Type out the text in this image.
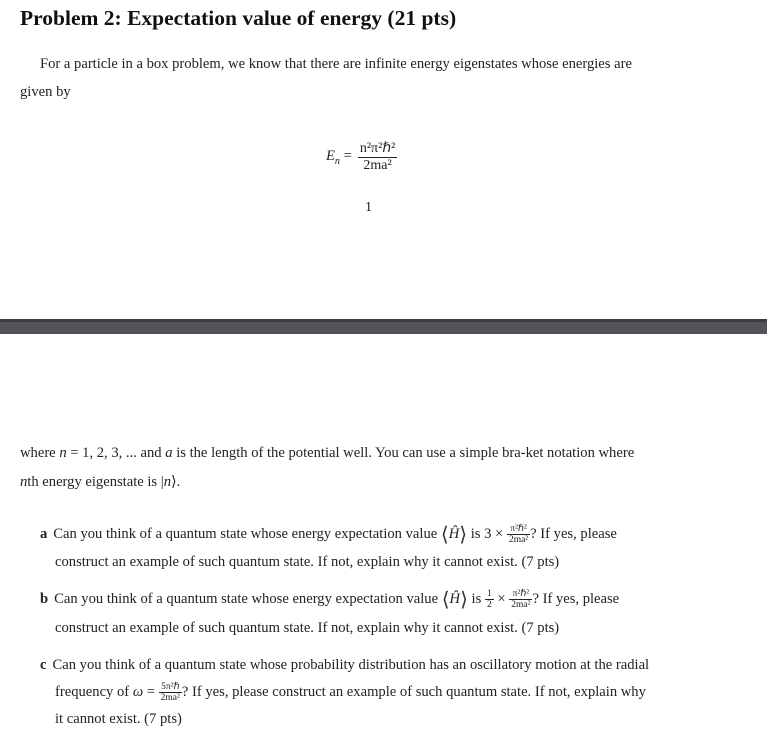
Problem 2: Expectation value of energy (21 pts)
For a particle in a box problem, we know that there are infinite energy eigenstates whose energies are
given by
$E_n = \frac{\text{n²π²ℏ²}}{\text{2ma²}}$
1
where n = 1, 2, 3, ... and a is the length of the potential well. You can use a simple bra-ket notation where
nth energy eigenstate is |n⟩.
a Can you think of a quantum state whose energy expectation value ⟨Ĥ⟩ is $3 \times \frac{\text{π²ℏ²}}{\text{2ma²}}$ ? If yes, please
construct an example of such quantum state. If not, explain why it cannot exist. (7 pts)
b Can you think of a quantum state whose energy expectation value ⟨Ĥ⟩ is $\frac{1}{2} \times \frac{\text{π²ℏ²}}{\text{2ma²}}$ ? If yes, please
construct an example of such quantum state. If not, explain why it cannot exist. (7 pts)
c Can you think of a quantum state whose probability distribution has an oscillatory motion at the radial
frequency of $\omega = \frac{\text{5π²ℏ}}{\text{2ma²}}$ ? If yes, please construct an example of such quantum state. If not, explain why
it cannot exist. (7 pts)
